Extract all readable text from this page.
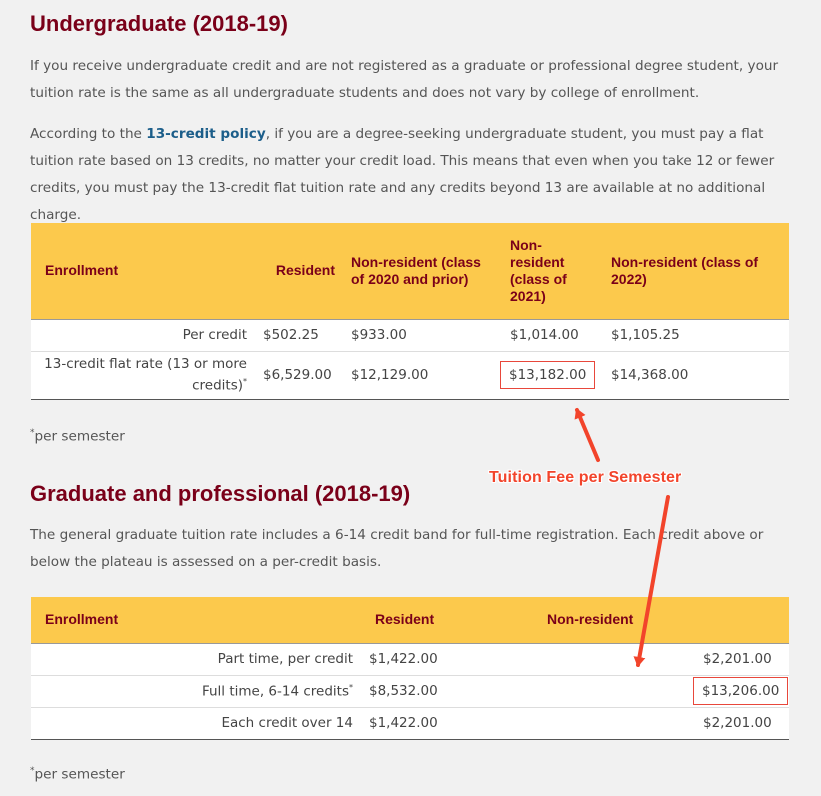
Undergraduate (2018-19)

If you receive undergraduate credit and are not registered as a graduate or professional degree student, your tuition rate is the same as all undergraduate students and does not vary by college of enrollment.

According to the 13-credit policy, if you are a degree-seeking undergraduate student, you must pay a flat tuition rate based on 13 credits, no matter your credit load. This means that even when you take 12 or fewer credits, you must pay the 13-credit flat tuition rate and any credits beyond 13 are available at no additional charge.

Enrollment	Resident	Non-resident (class of 2020 and prior)	Non-resident (class of 2021)	Non-resident (class of 2022)
Per credit	$502.25	$933.00	$1,014.00	$1,105.25
13-credit flat rate (13 or more credits)*	$6,529.00	$12,129.00	$13,182.00	$14,368.00

*per semester

Graduate and professional (2018-19)

The general graduate tuition rate includes a 6-14 credit band for full-time registration. Each credit above or below the plateau is assessed on a per-credit basis.

Enrollment	Resident	Non-resident
Part time, per credit	$1,422.00	$2,201.00
Full time, 6-14 credits*	$8,532.00	$13,206.00
Each credit over 14	$1,422.00	$2,201.00

*per semester

Tuition Fee per Semester
